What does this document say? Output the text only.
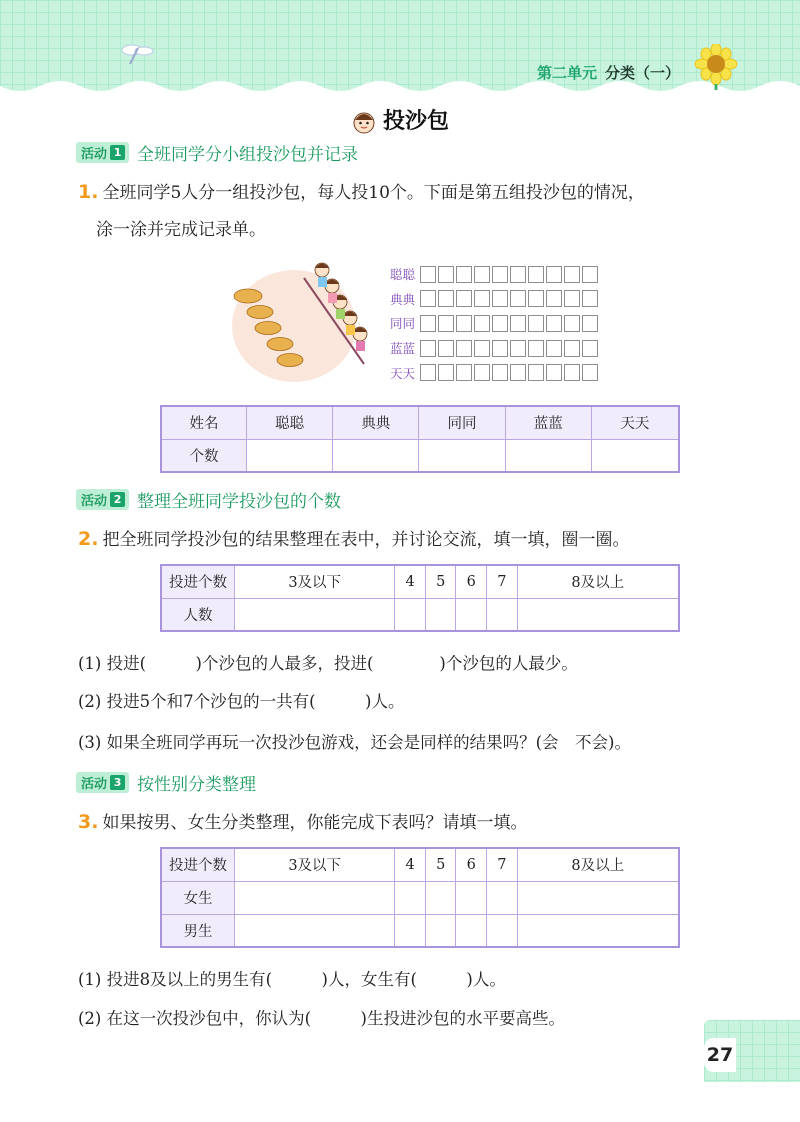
第二单元 分类（一）
投沙包
活动 1 全班同学分小组投沙包并记录
1. 全班同学5人分一组投沙包，每人投10个。下面是第五组投沙包的情况，
涂一涂并完成记录单。
聪聪
典典
同同
蓝蓝
天天
姓名	聪聪	典典	同同	蓝蓝	天天
个数					
活动 2 整理全班同学投沙包的个数
2. 把全班同学投沙包的结果整理在表中，并讨论交流，填一填，圈一圈。
投进个数	3及以下	4	5	6	7	8及以上
人数						
(1) 投进(　　　)个沙包的人最多，投进(　　　　)个沙包的人最少。
(2) 投进5个和7个沙包的一共有(　　　)人。
(3) 如果全班同学再玩一次投沙包游戏，还会是同样的结果吗？(会　不会)。
活动 3 按性别分类整理
3. 如果按男、女生分类整理，你能完成下表吗？请填一填。
投进个数	3及以下	4	5	6	7	8及以上
女生						
男生						
(1) 投进8及以上的男生有(　　　)人，女生有(　　　)人。
(2) 在这一次投沙包中，你认为(　　　)生投进沙包的水平要高些。
27
